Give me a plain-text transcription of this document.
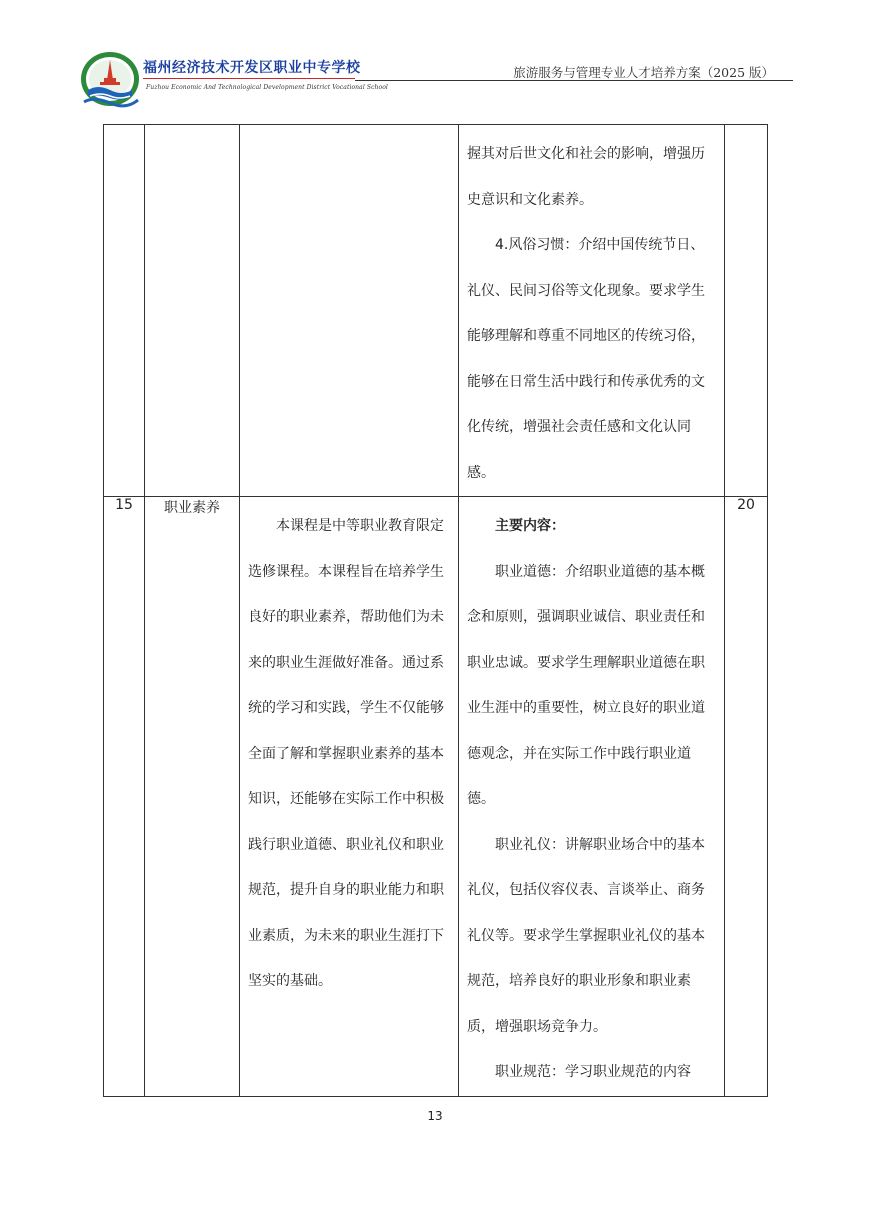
福州经济技术开发区职业中专学校
Fuzhou Economic And Technological Development District Vocational School
旅游服务与管理专业人才培养方案（2025 版）

			握其对后世文化和社会的影响，增强历史意识和文化素养。

4.风俗习惯：介绍中国传统节日、礼仪、民间习俗等文化现象。要求学生能够理解和尊重不同地区的传统习俗，能够在日常生活中践行和传承优秀的文化传统，增强社会责任感和文化认同感。	

15	职业素养	本课程是中等职业教育限定选修课程。本课程旨在培养学生良好的职业素养，帮助他们为未来的职业生涯做好准备。通过系统的学习和实践，学生不仅能够全面了解和掌握职业素养的基本知识，还能够在实际工作中积极践行职业道德、职业礼仪和职业规范，提升自身的职业能力和职业素质，为未来的职业生涯打下坚实的基础。	主要内容：

职业道德：介绍职业道德的基本概念和原则，强调职业诚信、职业责任和职业忠诚。要求学生理解职业道德在职业生涯中的重要性，树立良好的职业道德观念，并在实际工作中践行职业道德。

职业礼仪：讲解职业场合中的基本礼仪，包括仪容仪表、言谈举止、商务礼仪等。要求学生掌握职业礼仪的基本规范，培养良好的职业形象和职业素质，增强职场竞争力。

职业规范：学习职业规范的内容	20
13
